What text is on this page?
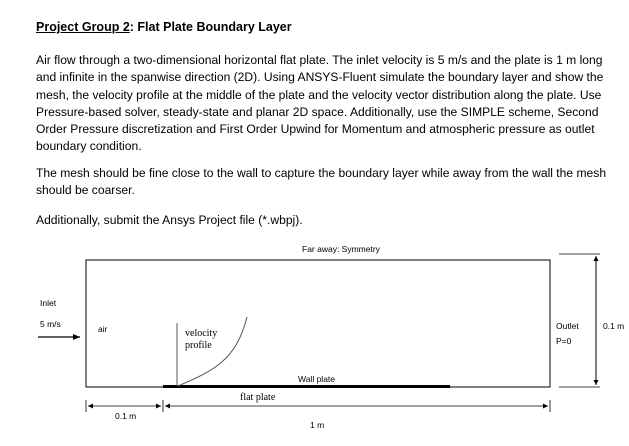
Project Group 2: Flat Plate Boundary Layer
Air flow through a two-dimensional horizontal flat plate. The inlet velocity is 5 m/s and the plate is 1 m long and infinite in the spanwise direction (2D). Using ANSYS-Fluent simulate the boundary layer and show the mesh, the velocity profile at the middle of the plate and the velocity vector distribution along the plate. Use Pressure-based solver, steady-state and planar 2D space. Additionally, use the SIMPLE scheme, Second Order Pressure discretization and First Order Upwind for Momentum and atmospheric pressure as outlet boundary condition.
The mesh should be fine close to the wall to capture the boundary layer while away from the wall the mesh should be coarser.
Additionally, submit the Ansys Project file (*.wbpj).
Far away: Symmetry
Inlet
5 m/s	air	velocity
profile
Wall plate
flat plate
Outlet
P=0
0.1 m
0.1 m
1 m
